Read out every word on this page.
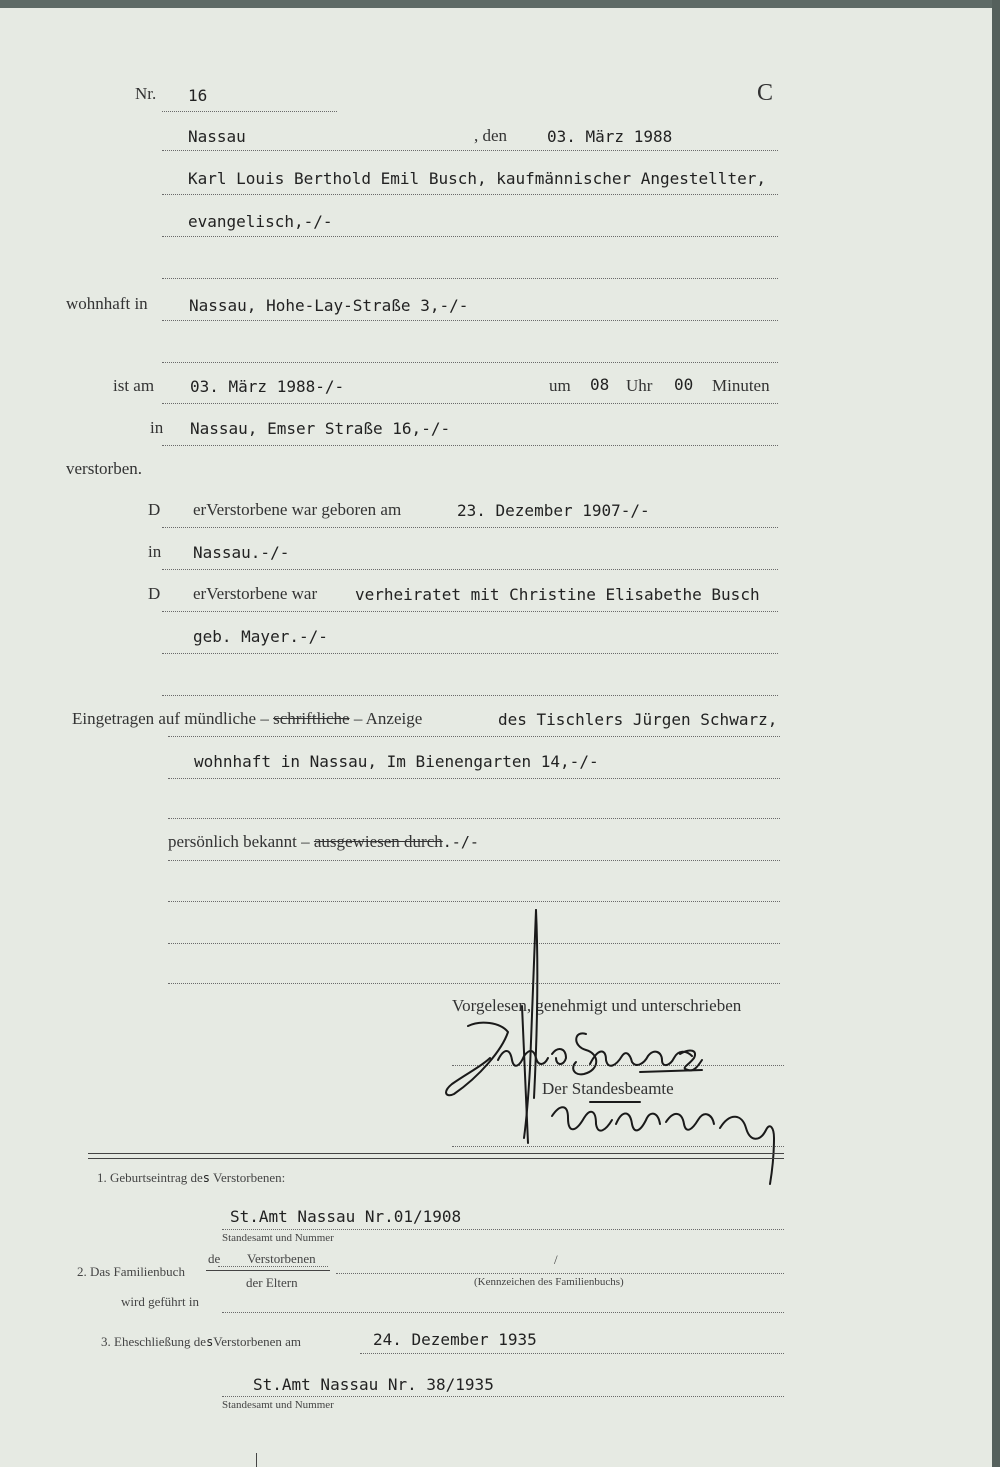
Nr. 16	C
Nassau	, den 03. März 1988
Karl Louis Berthold Emil Busch, kaufmännischer Angestellter,
evangelisch,-/-
wohnhaft in	Nassau, Hohe-Lay-Straße 3,-/-
ist am 03. März 1988-/-	um 08 Uhr 00 Minuten
in Nassau, Emser Straße 16,-/-
verstorben.
D erVerstorbene war geboren am	23. Dezember 1907-/-
in Nassau.-/-
D erVerstorbene war verheiratet mit Christine Elisabethe Busch
geb. Mayer.-/-
Eingetragen auf mündliche – schriftliche – Anzeige	des Tischlers Jürgen Schwarz,
wohnhaft in Nassau, Im Bienengarten 14,-/-
persönlich bekannt – ausgewiesen durch.-/-
Vorgelesen, genehmigt und unterschrieben
Der Standesbeamte
1. Geburtseintrag des Verstorbenen:
St.Amt Nassau Nr.01/1908
Standesamt und Nummer
2. Das Familienbuch
de Verstorbenen	/
der Eltern	(Kennzeichen des Familienbuchs)
wird geführt in
3. Eheschließung desVerstorbenen am	24. Dezember 1935
St.Amt Nassau Nr. 38/1935
Standesamt und Nummer
